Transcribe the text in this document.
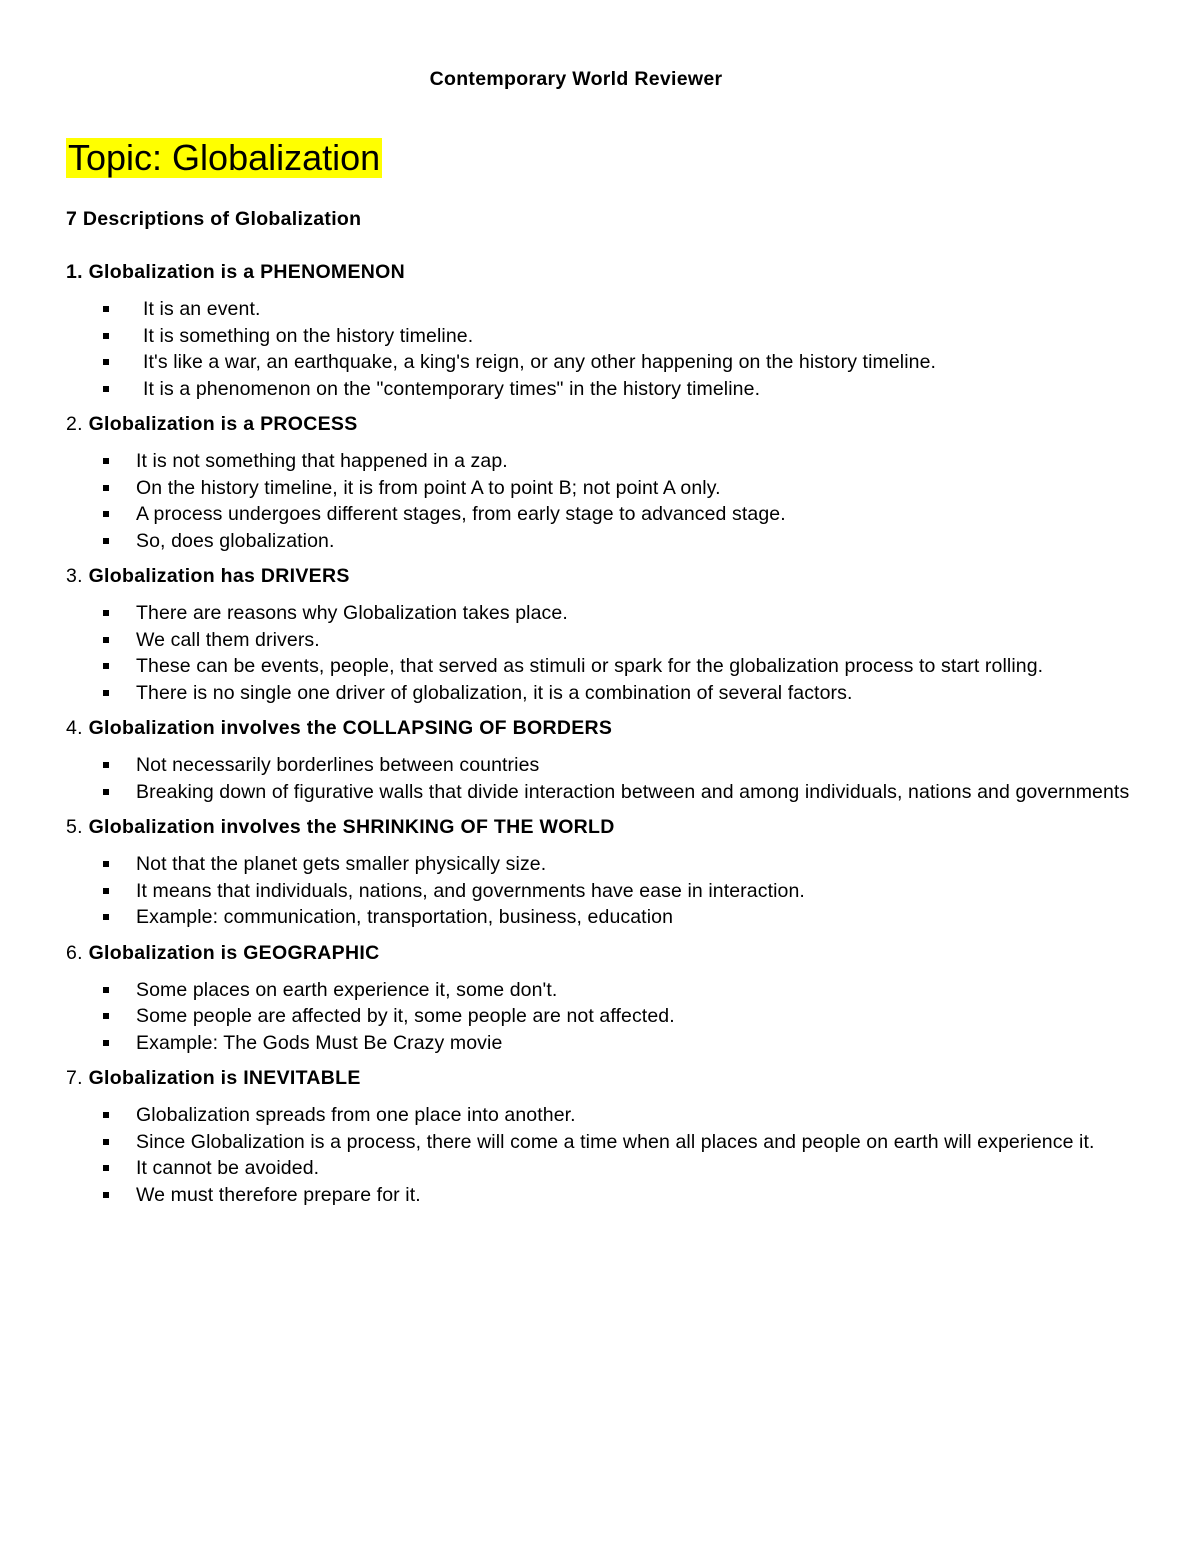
Contemporary World Reviewer
Topic: Globalization
7 Descriptions of Globalization
1. Globalization is a PHENOMENON
It is an event.
It is something on the history timeline.
It's like a war, an earthquake, a king's reign, or any other happening on the history timeline.
It is a phenomenon on the "contemporary times" in the history timeline.
2. Globalization is a PROCESS
It is not something that happened in a zap.
On the history timeline, it is from point A to point B; not point A only.
A process undergoes different stages, from early stage to advanced stage.
So, does globalization.
3. Globalization has DRIVERS
There are reasons why Globalization takes place.
We call them drivers.
These can be events, people, that served as stimuli or spark for the globalization process to start rolling.
There is no single one driver of globalization, it is a combination of several factors.
4. Globalization involves the COLLAPSING OF BORDERS
Not necessarily borderlines between countries
Breaking down of figurative walls that divide interaction between and among individuals, nations and governments
5. Globalization involves the SHRINKING OF THE WORLD
Not that the planet gets smaller physically size.
It means that individuals, nations, and governments have ease in interaction.
Example: communication, transportation, business, education
6. Globalization is GEOGRAPHIC
Some places on earth experience it, some don't.
Some people are affected by it, some people are not affected.
Example: The Gods Must Be Crazy movie
7. Globalization is INEVITABLE
Globalization spreads from one place into another.
Since Globalization is a process, there will come a time when all places and people on earth will experience it.
It cannot be avoided.
We must therefore prepare for it.
